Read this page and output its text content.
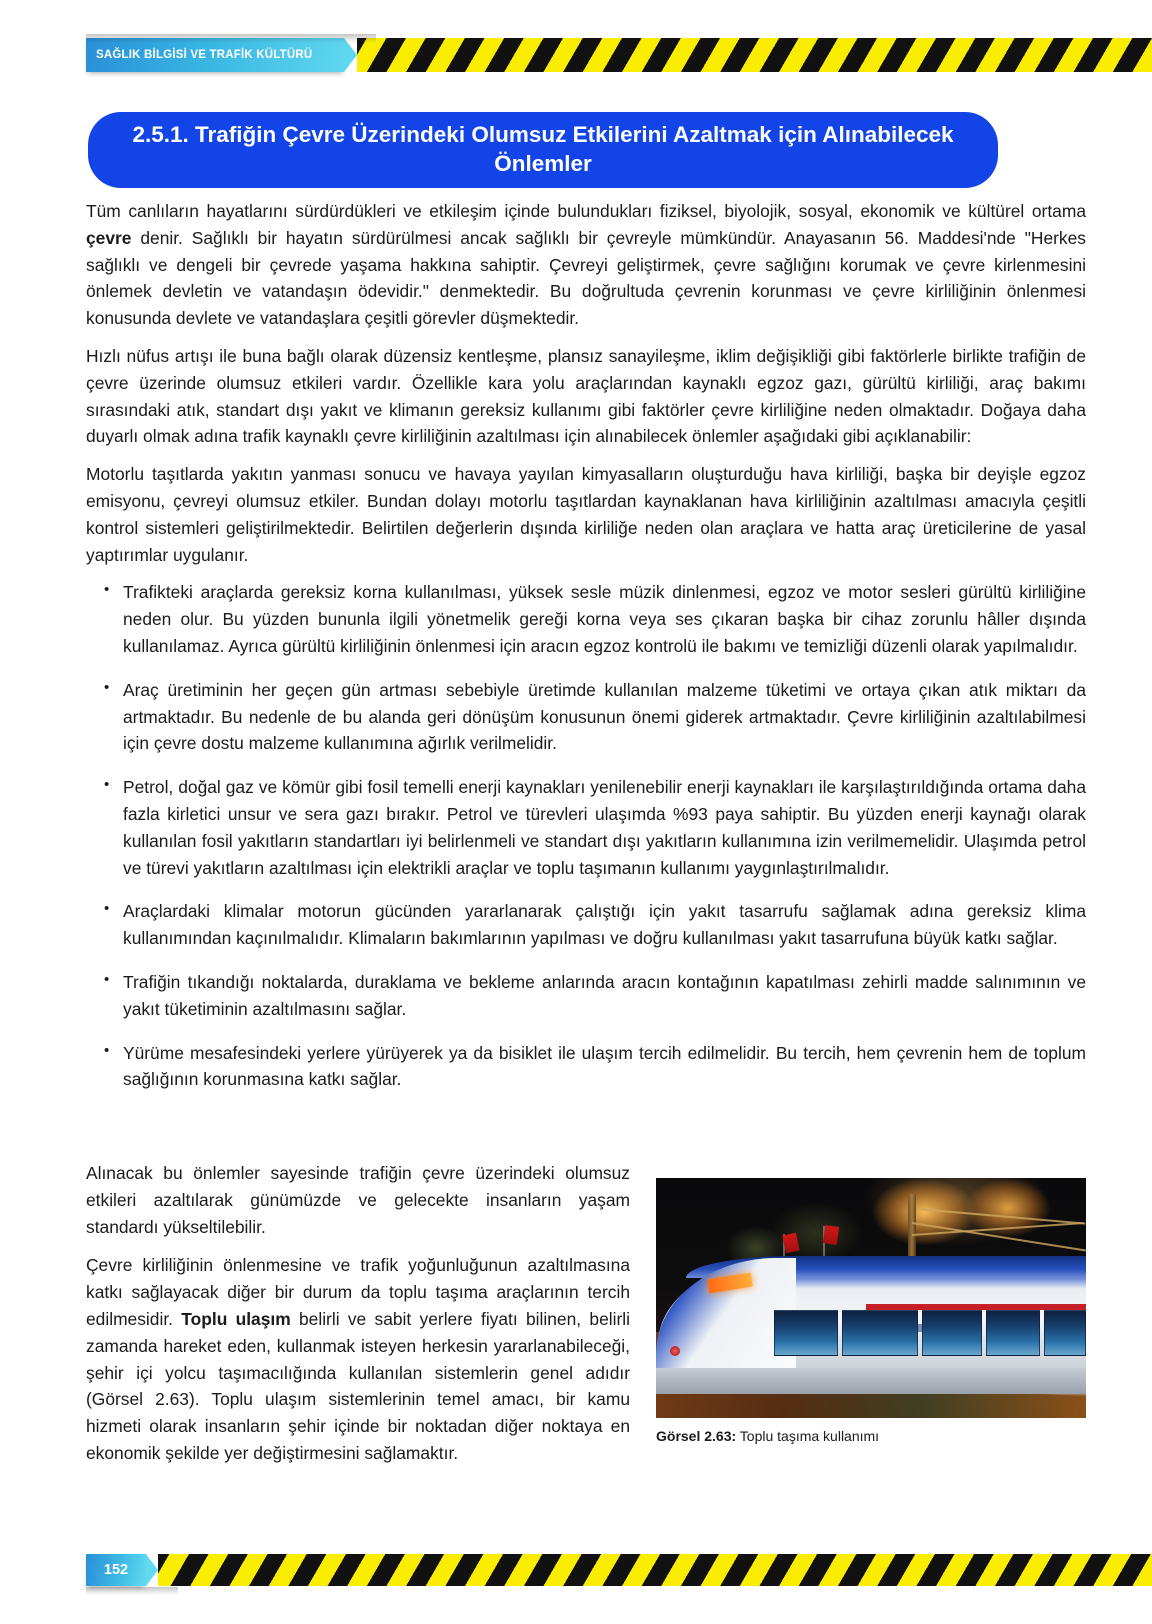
SAĞLIK BİLGİSİ VE TRAFİK KÜLTÜRÜ
2.5.1. Trafiğin Çevre Üzerindeki Olumsuz Etkilerini Azaltmak için Alınabilecek Önlemler

Tüm canlıların hayatlarını sürdürdükleri ve etkileşim içinde bulundukları fiziksel, biyolojik, sosyal, ekonomik ve kültürel ortama çevre denir. Sağlıklı bir hayatın sürdürülmesi ancak sağlıklı bir çevreyle mümkündür. Anayasanın 56. Maddesi'nde "Herkes sağlıklı ve dengeli bir çevrede yaşama hakkına sahiptir. Çevreyi geliştirmek, çevre sağlığını korumak ve çevre kirlenmesini önlemek devletin ve vatandaşın ödevidir." denmektedir. Bu doğrultuda çevrenin korunması ve çevre kirliliğinin önlenmesi konusunda devlete ve vatandaşlara çeşitli görevler düşmektedir.

Hızlı nüfus artışı ile buna bağlı olarak düzensiz kentleşme, plansız sanayileşme, iklim değişikliği gibi faktörlerle birlikte trafiğin de çevre üzerinde olumsuz etkileri vardır. Özellikle kara yolu araçlarından kaynaklı egzoz gazı, gürültü kirliliği, araç bakımı sırasındaki atık, standart dışı yakıt ve klimanın gereksiz kullanımı gibi faktörler çevre kirliliğine neden olmaktadır. Doğaya daha duyarlı olmak adına trafik kaynaklı çevre kirliliğinin azaltılması için alınabilecek önlemler aşağıdaki gibi açıklanabilir:

Motorlu taşıtlarda yakıtın yanması sonucu ve havaya yayılan kimyasalların oluşturduğu hava kirliliği, başka bir deyişle egzoz emisyonu, çevreyi olumsuz etkiler. Bundan dolayı motorlu taşıtlardan kaynaklanan hava kirliliğinin azaltılması amacıyla çeşitli kontrol sistemleri geliştirilmektedir. Belirtilen değerlerin dışında kirliliğe neden olan araçlara ve hatta araç üreticilerine de yasal yaptırımlar uygulanır.

• Trafikteki araçlarda gereksiz korna kullanılması, yüksek sesle müzik dinlenmesi, egzoz ve motor sesleri gürültü kirliliğine neden olur. Bu yüzden bununla ilgili yönetmelik gereği korna veya ses çıkaran başka bir cihaz zorunlu hâller dışında kullanılamaz. Ayrıca gürültü kirliliğinin önlenmesi için aracın egzoz kontrolü ile bakımı ve temizliği düzenli olarak yapılmalıdır.
• Araç üretiminin her geçen gün artması sebebiyle üretimde kullanılan malzeme tüketimi ve ortaya çıkan atık miktarı da artmaktadır. Bu nedenle de bu alanda geri dönüşüm konusunun önemi giderek artmaktadır. Çevre kirliliğinin azaltılabilmesi için çevre dostu malzeme kullanımına ağırlık verilmelidir.
• Petrol, doğal gaz ve kömür gibi fosil temelli enerji kaynakları yenilenebilir enerji kaynakları ile karşılaştırıldığında ortama daha fazla kirletici unsur ve sera gazı bırakır. Petrol ve türevleri ulaşımda %93 paya sahiptir. Bu yüzden enerji kaynağı olarak kullanılan fosil yakıtların standartları iyi belirlenmeli ve standart dışı yakıtların kullanımına izin verilmemelidir. Ulaşımda petrol ve türevi yakıtların azaltılması için elektrikli araçlar ve toplu taşımanın kullanımı yaygınlaştırılmalıdır.
• Araçlardaki klimalar motorun gücünden yararlanarak çalıştığı için yakıt tasarrufu sağlamak adına gereksiz klima kullanımından kaçınılmalıdır. Klimaların bakımlarının yapılması ve doğru kullanılması yakıt tasarrufuna büyük katkı sağlar.
• Trafiğin tıkandığı noktalarda, duraklama ve bekleme anlarında aracın kontağının kapatılması zehirli madde salınımının ve yakıt tüketiminin azaltılmasını sağlar.
• Yürüme mesafesindeki yerlere yürüyerek ya da bisiklet ile ulaşım tercih edilmelidir. Bu tercih, hem çevrenin hem de toplum sağlığının korunmasına katkı sağlar.
Görsel 2.63: Toplu taşıma kullanımı

Alınacak bu önlemler sayesinde trafiğin çevre üzerindeki olumsuz etkileri azaltılarak günümüzde ve gelecekte insanların yaşam standardı yükseltilebilir.

Çevre kirliliğinin önlenmesine ve trafik yoğunluğunun azaltılmasına katkı sağlayacak diğer bir durum da toplu taşıma araçlarının tercih edilmesidir. Toplu ulaşım belirli ve sabit yerlere fiyatı bilinen, belirli zamanda hareket eden, kullanmak isteyen herkesin yararlanabileceği, şehir içi yolcu taşımacılığında kullanılan sistemlerin genel adıdır (Görsel 2.63). Toplu ulaşım sistemlerinin temel amacı, bir kamu hizmeti olarak insanların şehir içinde bir noktadan diğer noktaya en ekonomik şekilde yer değiştirmesini sağlamaktır.

152
